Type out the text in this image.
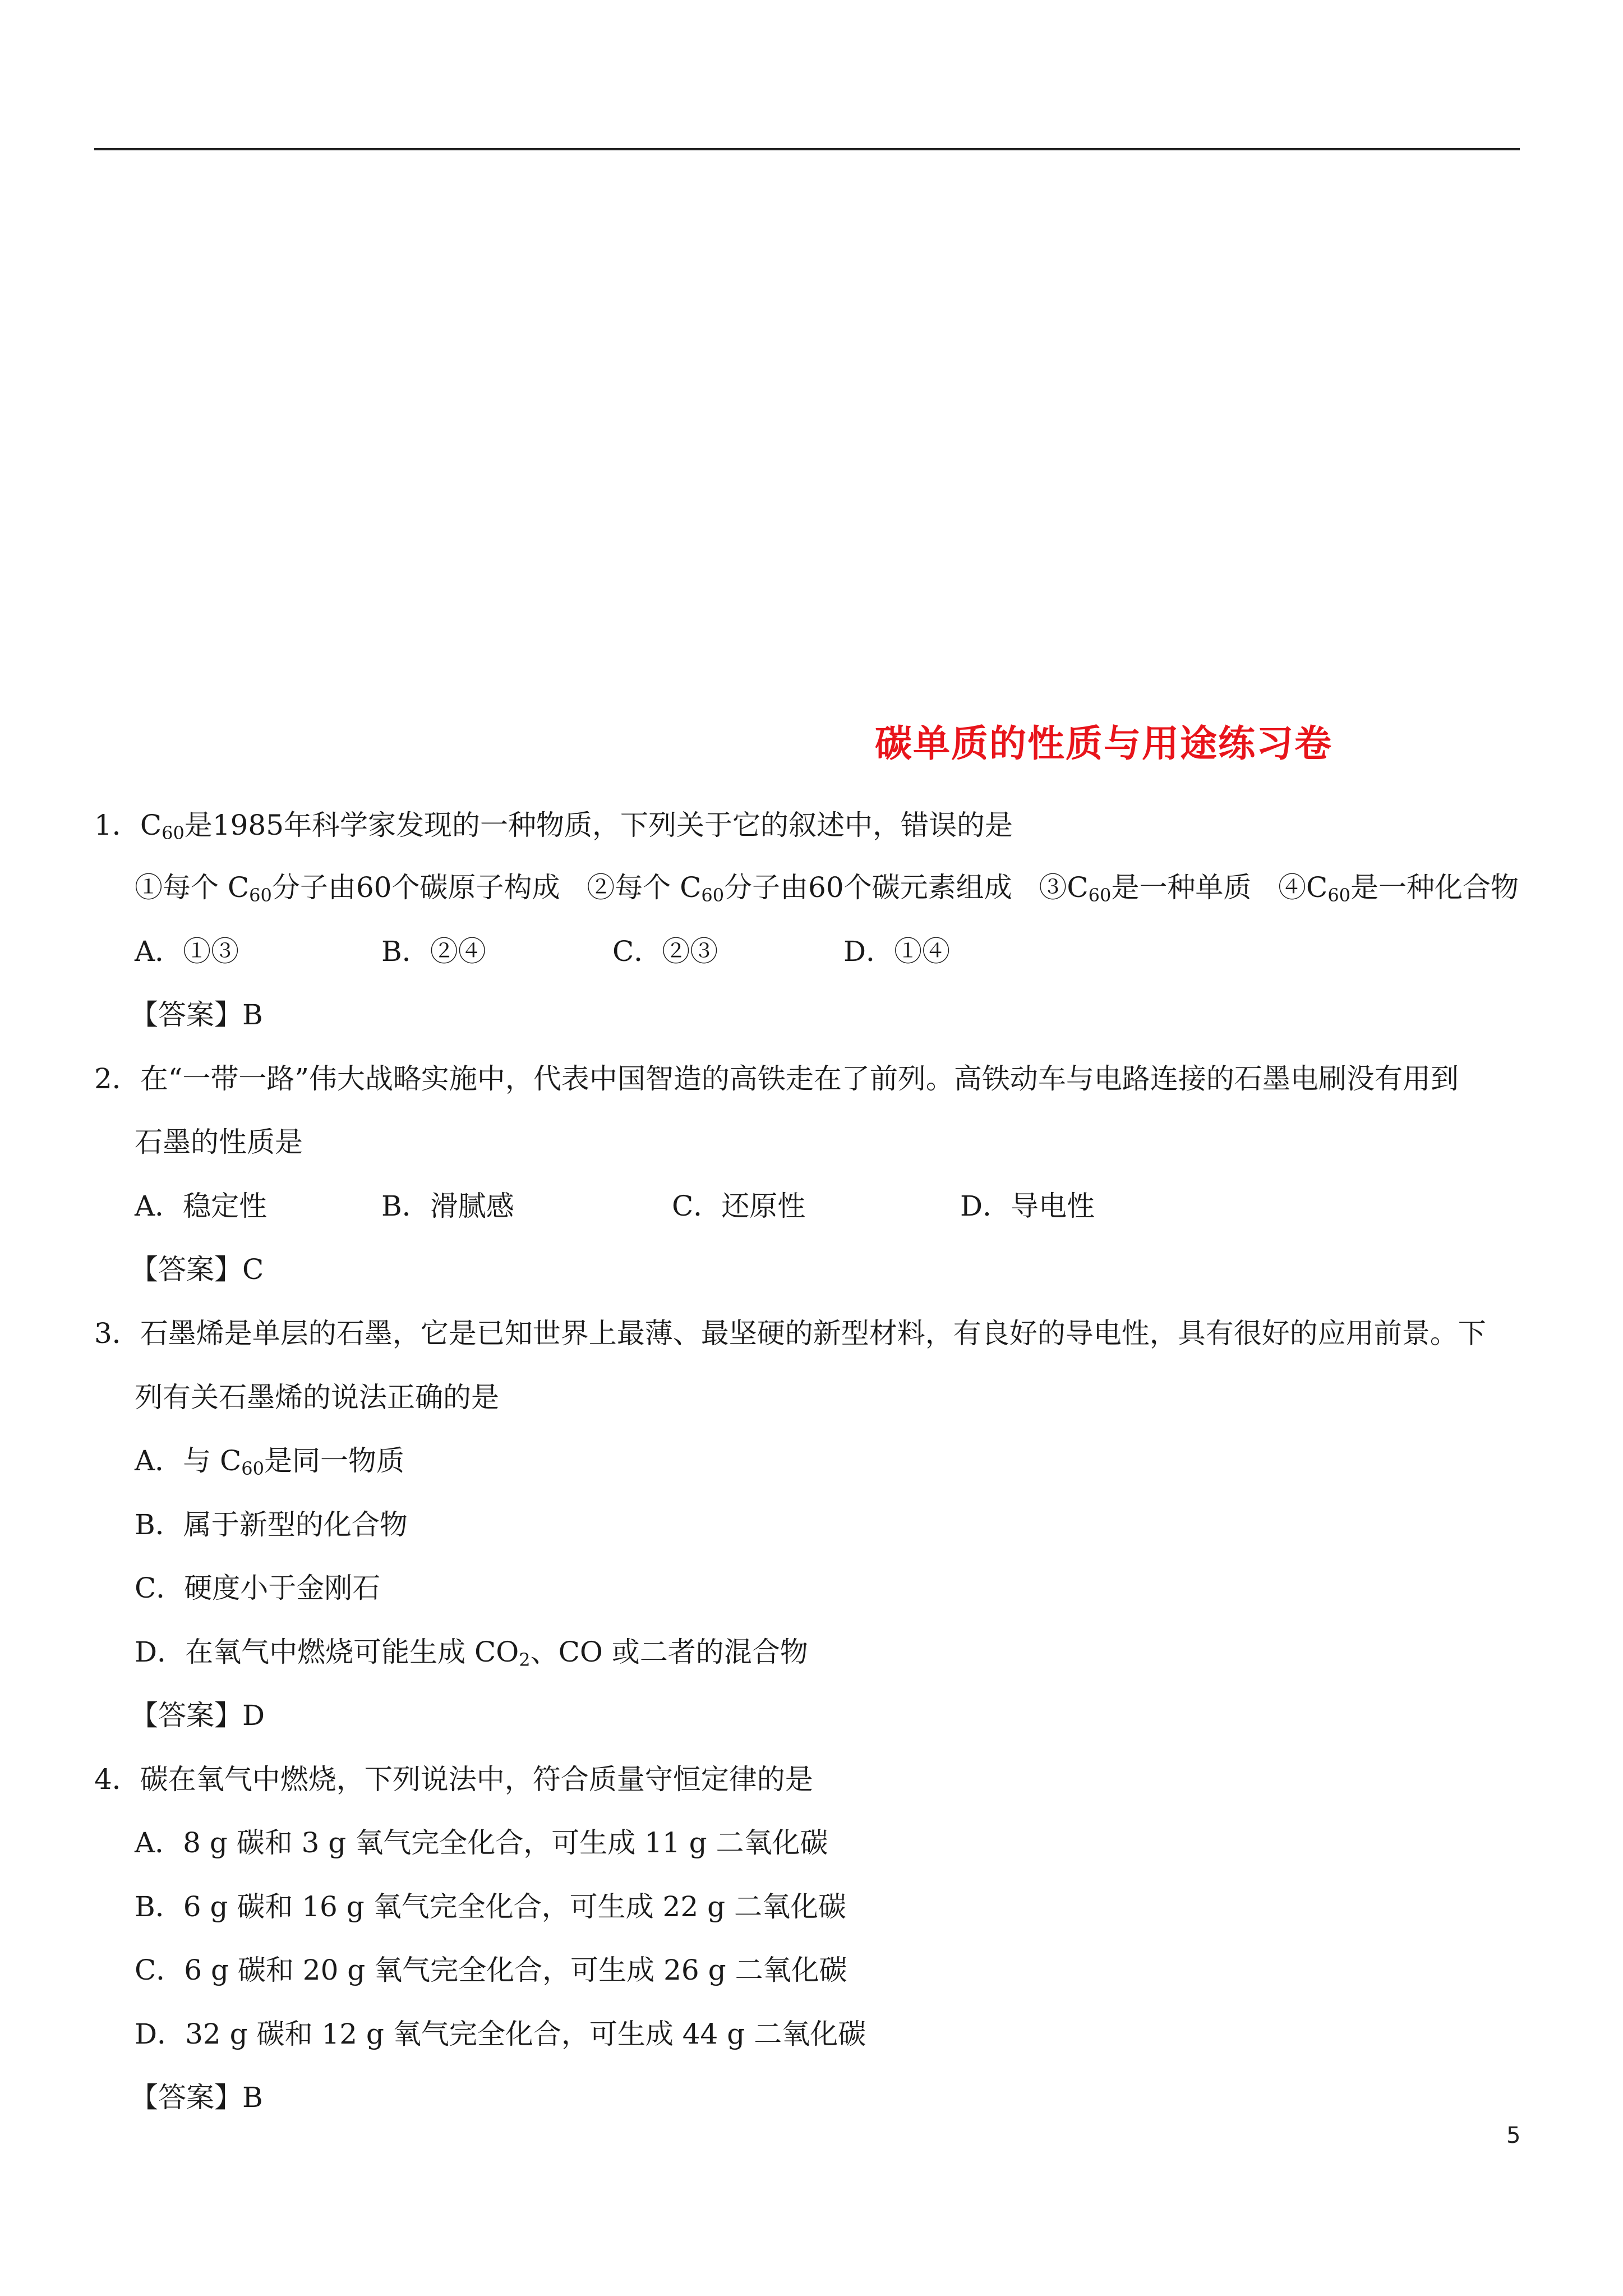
碳单质的性质与用途练习卷
1．$C_{60}$是1985年科学家发现的一种物质，下列关于它的叙述中，错误的是
①每个 $C_{60}$分子由60个碳原子构成 ②每个 $C_{60}$分子由60个碳元素组成 $③C_{60}$是一种单质 $④C_{60}$是一种化合物
A．①③	B．②④	C．②③	D．①④
【答案】B
2．在“一带一路”伟大战略实施中，代表中国智造的高铁走在了前列。高铁动车与电路连接的石墨电刷没有用到
石墨的性质是
A．稳定性	B．滑腻感	C．还原性	D．导电性
【答案】C
3．石墨烯是单层的石墨，它是已知世界上最薄、最坚硬的新型材料，有良好的导电性，具有很好的应用前景。下
列有关石墨烯的说法正确的是
A．与 $C_{60}$是同一物质
B．属于新型的化合物
C．硬度小于金刚石
D．在氧气中燃烧可能生成 $CO_2$、CO 或二者的混合物
【答案】D
4．碳在氧气中燃烧，下列说法中，符合质量守恒定律的是
A．8 g 碳和 3 g 氧气完全化合，可生成 11 g 二氧化碳
B．6 g 碳和 16 g 氧气完全化合，可生成 22 g 二氧化碳
C．6 g 碳和 20 g 氧气完全化合，可生成 26 g 二氧化碳
D．32 g 碳和 12 g 氧气完全化合，可生成 44 g 二氧化碳
【答案】B
5
